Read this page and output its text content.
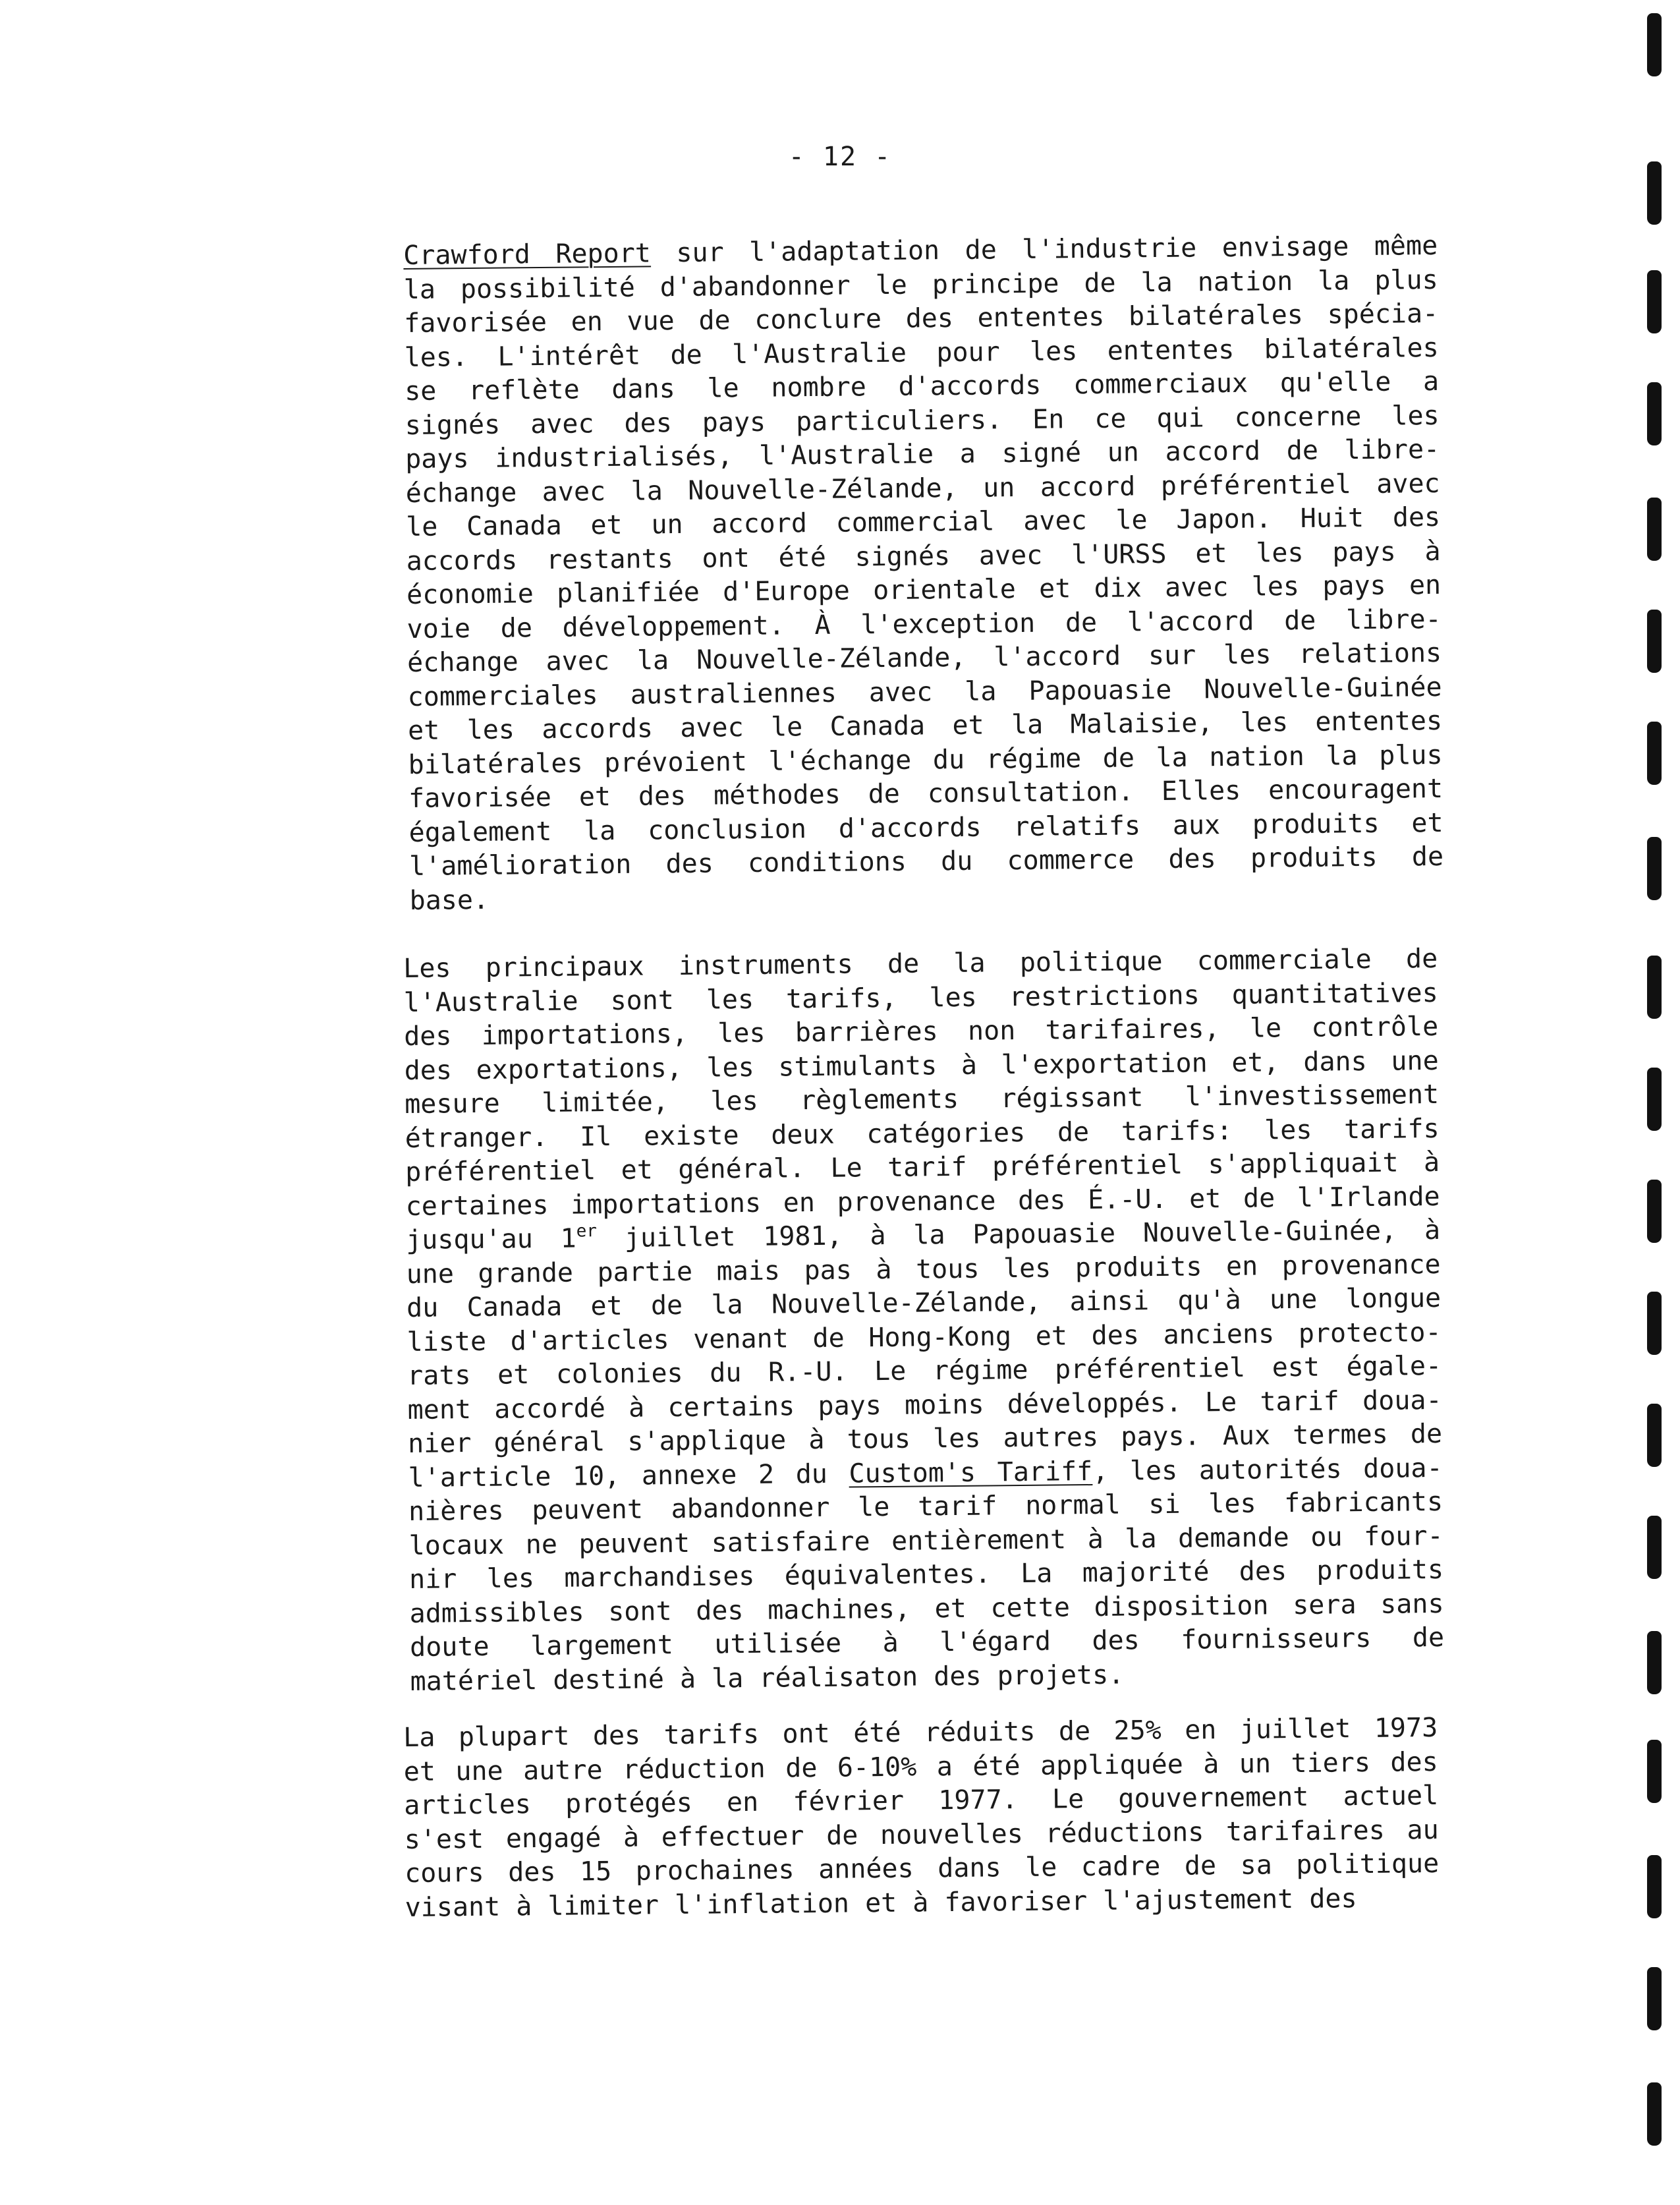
- 12 -
Crawford Report sur l'adaptation de l'industrie envisage même
la possibilité d'abandonner le principe de la nation la plus
favorisée en vue de conclure des ententes bilatérales spécia-
les. L'intérêt de l'Australie pour les ententes bilatérales
se reflète dans le nombre d'accords commerciaux qu'elle a
signés avec des pays particuliers. En ce qui concerne les
pays industrialisés, l'Australie a signé un accord de libre-
échange avec la Nouvelle-Zélande, un accord préférentiel avec
le Canada et un accord commercial avec le Japon. Huit des
accords restants ont été signés avec l'URSS et les pays à
économie planifiée d'Europe orientale et dix avec les pays en
voie de développement. À l'exception de l'accord de libre-
échange avec la Nouvelle-Zélande, l'accord sur les relations
commerciales australiennes avec la Papouasie Nouvelle-Guinée
et les accords avec le Canada et la Malaisie, les ententes
bilatérales prévoient l'échange du régime de la nation la plus
favorisée et des méthodes de consultation. Elles encouragent
également la conclusion d'accords relatifs aux produits et
l'amélioration des conditions du commerce des produits de
base.
Les principaux instruments de la politique commerciale de
l'Australie sont les tarifs, les restrictions quantitatives
des importations, les barrières non tarifaires, le contrôle
des exportations, les stimulants à l'exportation et, dans une
mesure limitée, les règlements régissant l'investissement
étranger. Il existe deux catégories de tarifs: les tarifs
préférentiel et général. Le tarif préférentiel s'appliquait à
certaines importations en provenance des É.-U. et de l'Irlande
jusqu'au 1er juillet 1981, à la Papouasie Nouvelle-Guinée, à
une grande partie mais pas à tous les produits en provenance
du Canada et de la Nouvelle-Zélande, ainsi qu'à une longue
liste d'articles venant de Hong-Kong et des anciens protecto-
rats et colonies du R.-U. Le régime préférentiel est égale-
ment accordé à certains pays moins développés. Le tarif doua-
nier général s'applique à tous les autres pays. Aux termes de
l'article 10, annexe 2 du Custom's Tariff, les autorités doua-
nières peuvent abandonner le tarif normal si les fabricants
locaux ne peuvent satisfaire entièrement à la demande ou four-
nir les marchandises équivalentes. La majorité des produits
admissibles sont des machines, et cette disposition sera sans
doute largement utilisée à l'égard des fournisseurs de
matériel destiné à la réalisaton des projets.
La plupart des tarifs ont été réduits de 25% en juillet 1973
et une autre réduction de 6-10% a été appliquée à un tiers des
articles protégés en février 1977. Le gouvernement actuel
s'est engagé à effectuer de nouvelles réductions tarifaires au
cours des 15 prochaines années dans le cadre de sa politique
visant à limiter l'inflation et à favoriser l'ajustement des
